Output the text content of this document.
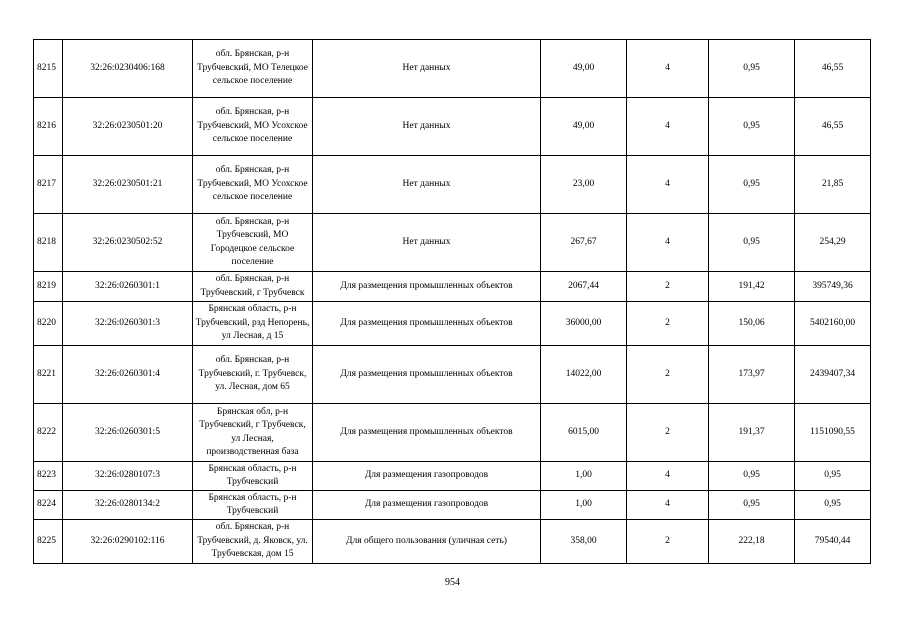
8215	32:26:0230406:168	обл. Брянская, р-н Трубчевский, МО Телецкое сельское поселение	Нет данных	49,00	4	0,95	46,55
8216	32:26:0230501:20	обл. Брянская, р-н Трубчевский, МО Усохское сельское поселение	Нет данных	49,00	4	0,95	46,55
8217	32:26:0230501:21	обл. Брянская, р-н Трубчевский, МО Усохское сельское поселение	Нет данных	23,00	4	0,95	21,85
8218	32:26:0230502:52	обл. Брянская, р-н Трубчевский, МО Городецкое сельское поселение	Нет данных	267,67	4	0,95	254,29
8219	32:26:0260301:1	обл. Брянская, р-н Трубчевский, г Трубчевск	Для размещения промышленных объектов	2067,44	2	191,42	395749,36
8220	32:26:0260301:3	Брянская область, р-н Трубчевский, рзд Непорень, ул Лесная, д 15	Для размещения промышленных объектов	36000,00	2	150,06	5402160,00
8221	32:26:0260301:4	обл. Брянская, р-н Трубчевский, г. Трубчевск, ул. Лесная, дом 65	Для размещения промышленных объектов	14022,00	2	173,97	2439407,34
8222	32:26:0260301:5	Брянская обл, р-н Трубчевский, г Трубчевск, ул Лесная, производственная база	Для размещения промышленных объектов	6015,00	2	191,37	1151090,55
8223	32:26:0280107:3	Брянская область, р-н Трубчевский	Для размещения газопроводов	1,00	4	0,95	0,95
8224	32:26:0280134:2	Брянская область, р-н Трубчевский	Для размещения газопроводов	1,00	4	0,95	0,95
8225	32:26:0290102:116	обл. Брянская, р-н Трубчевский, д. Яковск, ул. Трубчевская, дом 15	Для общего пользования (уличная сеть)	358,00	2	222,18	79540,44
954
